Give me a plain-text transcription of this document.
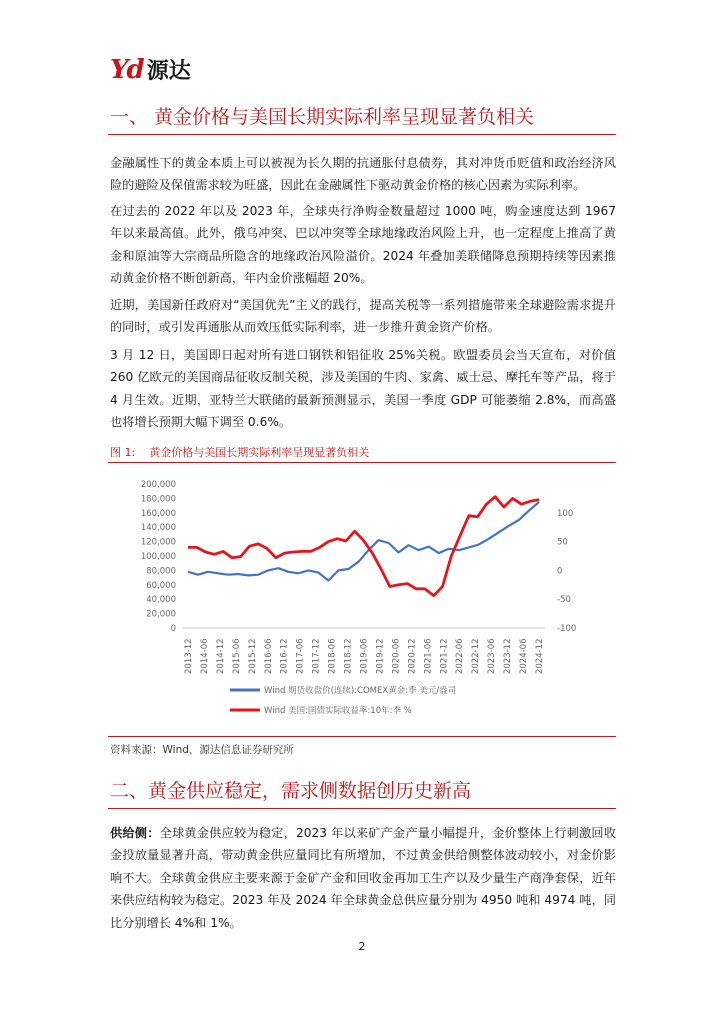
Yd 源达
一、 黄金价格与美国长期实际利率呈现显著负相关
金融属性下的黄金本质上可以被视为长久期的抗通胀付息债券，其对冲货币贬值和政治经济风险的避险及保值需求较为旺盛，因此在金融属性下驱动黄金价格的核心因素为实际利率。
在过去的 2022 年以及 2023 年，全球央行净购金数量超过 1000 吨，购金速度达到 1967 年以来最高值。此外，俄乌冲突、巴以冲突等全球地缘政治风险上升，也一定程度上推高了黄金和原油等大宗商品所隐含的地缘政治风险溢价。2024 年叠加美联储降息预期持续等因素推动黄金价格不断创新高，年内金价涨幅超 20%。
近期，美国新任政府对“美国优先”主义的践行，提高关税等一系列措施带来全球避险需求提升的同时，或引发再通胀从而效压低实际利率，进一步推升黄金资产价格。
3 月 12 日，美国即日起对所有进口钢铁和铝征收 25%关税。欧盟委员会当天宣布，对价值 260 亿欧元的美国商品征收反制关税，涉及美国的牛肉、家禽、威士忌、摩托车等产品，将于 4 月生效。近期，亚特兰大联储的最新预测显示，美国一季度 GDP 可能萎缩 2.8%，而高盛也将增长预期大幅下调至 0.6%。
图 1: 黄金价格与美国长期实际利率呈现显著负相关
0
20,000
40,000
60,000
80,000
100,000
120,000
140,000
160,000
180,000
200,000
-100
-50
0
50
100
2013-12 2014-06 2014-12 2015-06 2015-12 2016-06 2016-12 2017-06 2017-12 2018-06 2018-12 2019-06 2019-12 2020-06 2020-12 2021-06 2021-12 2022-06 2022-12 2023-06 2023-12 2024-06 2024-12
Wind 期货收盘价(连续):COMEX黄金:季 美元/盎司
Wind 美国:国债实际收益率:10年:季 %
资料来源：Wind，源达信息证券研究所
二、黄金供应稳定，需求侧数据创历史新高
供给侧：全球黄金供应较为稳定，2023 年以来矿产金产量小幅提升，金价整体上行刺激回收金投放量显著升高，带动黄金供应量同比有所增加，不过黄金供给侧整体波动较小，对金价影响不大。全球黄金供应主要来源于金矿产金和回收金再加工生产以及少量生产商净套保，近年来供应结构较为稳定。2023 年及 2024 年全球黄金总供应量分别为 4950 吨和 4974 吨，同比分别增长 4%和 1%。
2
